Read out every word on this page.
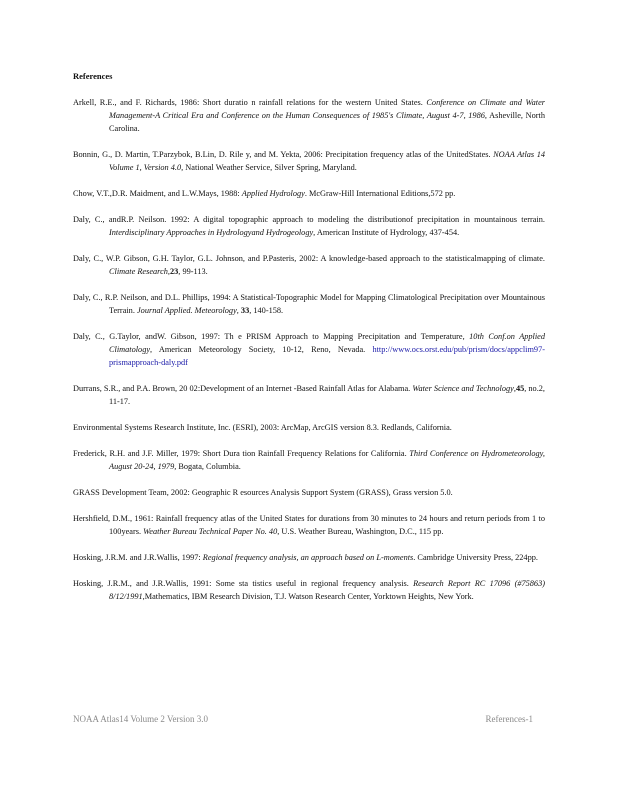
References
Arkell, R.E., and F. Richards, 1986: Short duratio n rainfall relations for the western United States. Conference on Climate and Water Management-A Critical Era and Conference on the Human Consequences of 1985's Climate, August 4-7, 1986, Asheville, North Carolina.
Bonnin, G., D. Martin, T.Parzybok, B.Lin, D. Rile y, and M. Yekta, 2006: Precipitation frequency atlas of the UnitedStates. NOAA Atlas 14 Volume 1, Version 4.0, National Weather Service, Silver Spring, Maryland.
Chow, V.T.,D.R. Maidment, and L.W.Mays, 1988: Applied Hydrology. McGraw-Hill International Editions,572 pp.
Daly, C., andR.P. Neilson. 1992: A digital topographic approach to modeling the distributionof precipitation in mountainous terrain. Interdisciplinary Approaches in Hydrologyand Hydrogeology, American Institute of Hydrology, 437-454.
Daly, C., W.P. Gibson, G.H. Taylor, G.L. Johnson, and P.Pasteris, 2002: A knowledge-based approach to the statisticalmapping of climate. Climate Research,23, 99-113.
Daly, C., R.P. Neilson, and D.L. Phillips, 1994: A Statistical-Topographic Model for Mapping Climatological Precipitation over Mountainous Terrain. Journal Applied. Meteorology, 33, 140-158.
Daly, C., G.Taylor, andW. Gibson, 1997: Th e PRISM Approach to Mapping Precipitation and Temperature, 10th Conf.on Applied Climatology, American Meteorology Society, 10-12, Reno, Nevada. http://www.ocs.orst.edu/pub/prism/docs/appclim97-prismapproach-daly.pdf
Durrans, S.R., and P.A. Brown, 20 02:Development of an Internet -Based Rainfall Atlas for Alabama. Water Science and Technology,45, no.2, 11-17.
Environmental Systems Research Institute, Inc. (ESRI), 2003: ArcMap, ArcGIS version 8.3. Redlands, California.
Frederick, R.H. and J.F. Miller, 1979: Short Dura tion Rainfall Frequency Relations for California. Third Conference on Hydrometeorology, August 20-24, 1979, Bogata, Columbia.
GRASS Development Team, 2002: Geographic R esources Analysis Support System (GRASS), Grass version 5.0.
Hershfield, D.M., 1961: Rainfall frequency atlas of the United States for durations from 30 minutes to 24 hours and return periods from 1 to 100years. Weather Bureau Technical Paper No. 40, U.S. Weather Bureau, Washington, D.C., 115 pp.
Hosking, J.R.M. and J.R.Wallis, 1997: Regional frequency analysis, an approach based on L-moments. Cambridge University Press, 224pp.
Hosking, J.R.M., and J.R.Wallis, 1991: Some sta tistics useful in regional frequency analysis. Research Report RC 17096 (#75863) 8/12/1991,Mathematics, IBM Research Division, T.J. Watson Research Center, Yorktown Heights, New York.
NOAA Atlas14 Volume 2 Version 3.0	References-1
